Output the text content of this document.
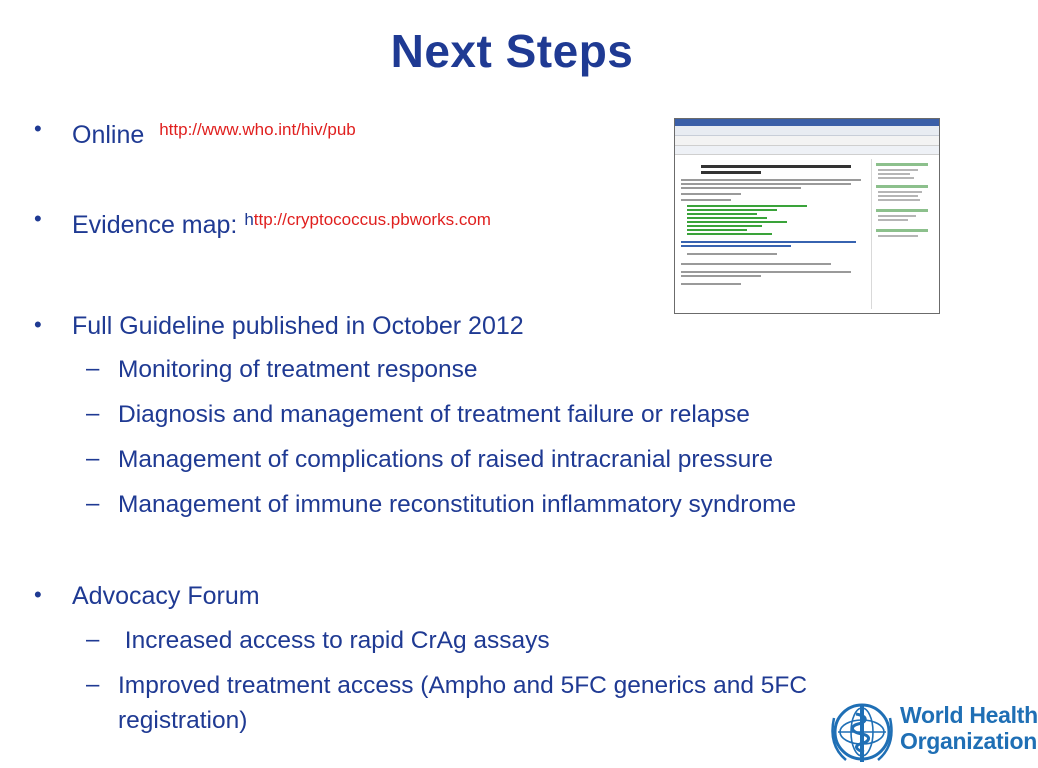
Next Steps
• Online $^{http://www.who.int/hiv/pub}$
• Evidence map: $^{http://cryptococcus.pbworks.com}$
• Full Guideline published in October 2012
– Monitoring of treatment response
– Diagnosis and management of treatment failure or relapse
– Management of complications of raised intracranial pressure
– Management of immune reconstitution inflammatory syndrome
• Advocacy Forum
– Increased access to rapid CrAg assays
– Improved treatment access (Ampho and 5FC generics and 5FC
registration)	World Health
Organization
